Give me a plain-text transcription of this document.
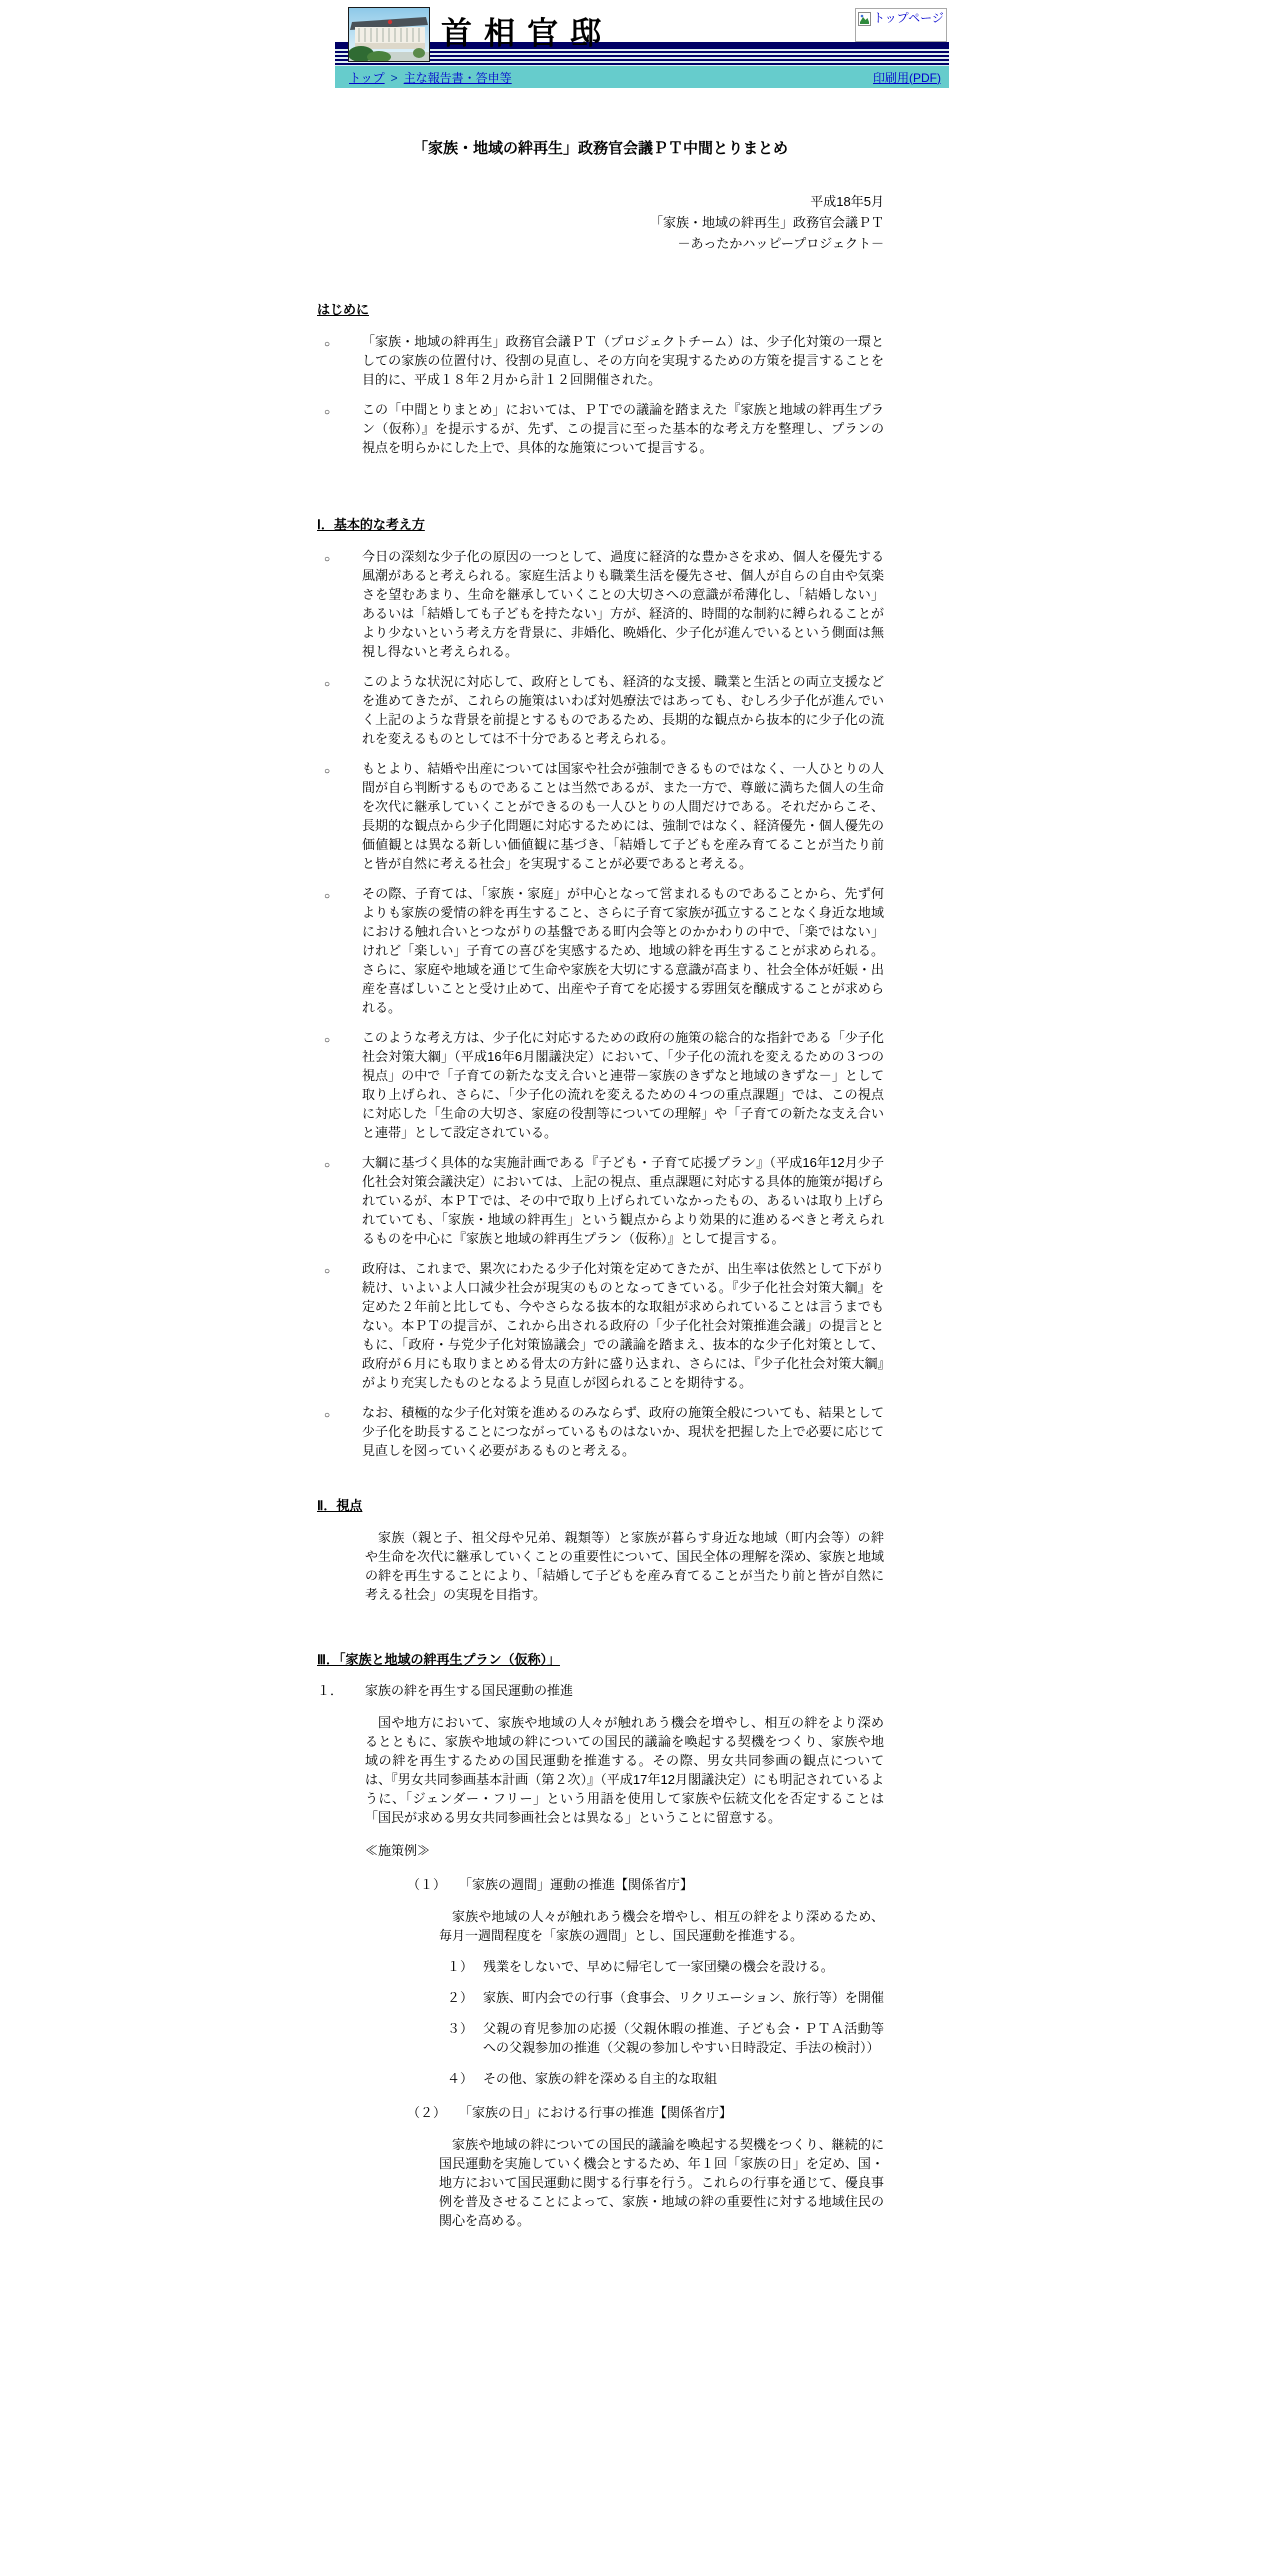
首相官邸	トップページ
トップ > 主な報告書・答申等	印刷用(PDF)
「家族・地域の絆再生」政務官会議ＰＴ中間とりまとめ
平成18年5月
「家族・地域の絆再生」政務官会議ＰＴ
－あったかハッピープロジェクト－
はじめに
○	「家族・地域の絆再生」政務官会議ＰＴ（プロジェクトチーム）は、少子化対策の一環としての家族の位置付け、役割の見直し、その方向を実現するための方策を提言することを目的に、平成１８年２月から計１２回開催された。
○	この「中間とりまとめ」においては、ＰＴでの議論を踏まえた『家族と地域の絆再生プラン（仮称）』を提示するが、先ず、この提言に至った基本的な考え方を整理し、プランの視点を明らかにした上で、具体的な施策について提言する。
Ⅰ．基本的な考え方
○	今日の深刻な少子化の原因の一つとして、過度に経済的な豊かさを求め、個人を優先する風潮があると考えられる。家庭生活よりも職業生活を優先させ、個人が自らの自由や気楽さを望むあまり、生命を継承していくことの大切さへの意識が希薄化し、「結婚しない」あるいは「結婚しても子どもを持たない」方が、経済的、時間的な制約に縛られることがより少ないという考え方を背景に、非婚化、晩婚化、少子化が進んでいるという側面は無視し得ないと考えられる。
○	このような状況に対応して、政府としても、経済的な支援、職業と生活との両立支援などを進めてきたが、これらの施策はいわば対処療法ではあっても、むしろ少子化が進んでいく上記のような背景を前提とするものであるため、長期的な観点から抜本的に少子化の流れを変えるものとしては不十分であると考えられる。
○	もとより、結婚や出産については国家や社会が強制できるものではなく、一人ひとりの人間が自ら判断するものであることは当然であるが、また一方で、尊厳に満ちた個人の生命を次代に継承していくことができるのも一人ひとりの人間だけである。それだからこそ、長期的な観点から少子化問題に対応するためには、強制ではなく、経済優先・個人優先の価値観とは異なる新しい価値観に基づき、「結婚して子どもを産み育てることが当たり前と皆が自然に考える社会」を実現することが必要であると考える。
○	その際、子育ては、「家族・家庭」が中心となって営まれるものであることから、先ず何よりも家族の愛情の絆を再生すること、さらに子育て家族が孤立することなく身近な地域における触れ合いとつながりの基盤である町内会等とのかかわりの中で、「楽ではない」けれど「楽しい」子育ての喜びを実感するため、地域の絆を再生することが求められる。さらに、家庭や地域を通じて生命や家族を大切にする意識が高まり、社会全体が妊娠・出産を喜ばしいことと受け止めて、出産や子育てを応援する雰囲気を醸成することが求められる。
○	このような考え方は、少子化に対応するための政府の施策の総合的な指針である「少子化社会対策大綱」（平成16年6月閣議決定）において、「少子化の流れを変えるための３つの視点」の中で「子育ての新たな支え合いと連帯－家族のきずなと地域のきずな－」として取り上げられ、さらに、「少子化の流れを変えるための４つの重点課題」では、この視点に対応した「生命の大切さ、家庭の役割等についての理解」や「子育ての新たな支え合いと連帯」として設定されている。
○	大綱に基づく具体的な実施計画である『子ども・子育て応援プラン』（平成16年12月少子化社会対策会議決定）においては、上記の視点、重点課題に対応する具体的施策が掲げられているが、本ＰＴでは、その中で取り上げられていなかったもの、あるいは取り上げられていても、「家族・地域の絆再生」という観点からより効果的に進めるべきと考えられるものを中心に『家族と地域の絆再生プラン（仮称）』として提言する。
○	政府は、これまで、累次にわたる少子化対策を定めてきたが、出生率は依然として下がり続け、いよいよ人口減少社会が現実のものとなってきている。『少子化社会対策大綱』を定めた２年前と比しても、今やさらなる抜本的な取組が求められていることは言うまでもない。本ＰＴの提言が、これから出される政府の「少子化社会対策推進会議」の提言とともに、「政府・与党少子化対策協議会」での議論を踏まえ、抜本的な少子化対策として、政府が６月にも取りまとめる骨太の方針に盛り込まれ、さらには、『少子化社会対策大綱』がより充実したものとなるよう見直しが図られることを期待する。
○	なお、積極的な少子化対策を進めるのみならず、政府の施策全般についても、結果として少子化を助長することにつながっているものはないか、現状を把握した上で必要に応じて見直しを図っていく必要があるものと考える。
Ⅱ．視点

家族（親と子、祖父母や兄弟、親類等）と家族が暮らす身近な地域（町内会等）の絆や生命を次代に継承していくことの重要性について、国民全体の理解を深め、家族と地域の絆を再生することにより、「結婚して子どもを産み育てることが当たり前と皆が自然に考える社会」の実現を目指す。

Ⅲ．「家族と地域の絆再生プラン（仮称）」
１．	家族の絆を再生する国民運動の推進

国や地方において、家族や地域の人々が触れあう機会を増やし、相互の絆をより深めるとともに、家族や地域の絆についての国民的議論を喚起する契機をつくり、家族や地域の絆を再生するための国民運動を推進する。その際、男女共同参画の観点については、『男女共同参画基本計画（第２次）』（平成17年12月閣議決定）にも明記されているように、「ジェンダー・フリー」という用語を使用して家族や伝統文化を否定することは「国民が求める男女共同参画社会とは異なる」ということに留意する。

≪施策例≫
（１） 「家族の週間」運動の推進【関係省庁】

家族や地域の人々が触れあう機会を増やし、相互の絆をより深めるため、毎月一週間程度を「家族の週間」とし、国民運動を推進する。

１） 残業をしないで、早めに帰宅して一家団欒の機会を設ける。
２） 家族、町内会での行事（食事会、リクリエーション、旅行等）を開催
３） 父親の育児参加の応援（父親休暇の推進、子ども会・ＰＴＡ活動等への父親参加の推進（父親の参加しやすい日時設定、手法の検討））
４） その他、家族の絆を深める自主的な取組
（２） 「家族の日」における行事の推進【関係省庁】

家族や地域の絆についての国民的議論を喚起する契機をつくり、継続的に国民運動を実施していく機会とするため、年１回「家族の日」を定め、国・地方において国民運動に関する行事を行う。これらの行事を通じて、優良事例を普及させることによって、家族・地域の絆の重要性に対する地域住民の関心を高める。
